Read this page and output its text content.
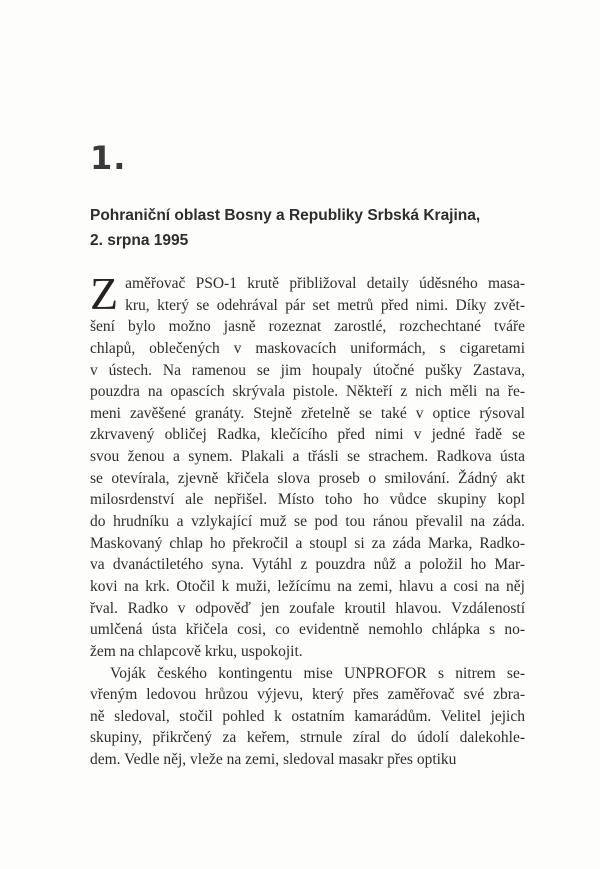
1.
Pohraniční oblast Bosny a Republiky Srbská Krajina,
2. srpna 1995
Z aměřovač PSO-1 krutě přibližoval detaily úděsného masa-
kru, který se odehrával pár set metrů před nimi. Díky zvět-
šení bylo možno jasně rozeznat zarostlé, rozchechtané tváře
chlapů, oblečených v maskovacích uniformách, s cigaretami
v ústech. Na ramenou se jim houpaly útočné pušky Zastava,
pouzdra na opascích skrývala pistole. Někteří z nich měli na ře-
meni zavěšené granáty. Stejně zřetelně se také v optice rýsoval
zkrvavený obličej Radka, klečícího před nimi v jedné řadě se
svou ženou a synem. Plakali a třásli se strachem. Radkova ústa
se otevírala, zjevně křičela slova proseb o smilování. Žádný akt
milosrdenství ale nepřišel. Místo toho ho vůdce skupiny kopl
do hrudníku a vzlykající muž se pod tou ránou převalil na záda.
Maskovaný chlap ho překročil a stoupl si za záda Marka, Radko-
va dvanáctiletého syna. Vytáhl z pouzdra nůž a položil ho Mar-
kovi na krk. Otočil k muži, ležícímu na zemi, hlavu a cosi na něj
řval. Radko v odpověď jen zoufale kroutil hlavou. Vzdáleností
umlčená ústa křičela cosi, co evidentně nemohlo chlápka s no-
žem na chlapcově krku, uspokojit.
Voják českého kontingentu mise UNPROFOR s nitrem se-
vřeným ledovou hrůzou výjevu, který přes zaměřovač své zbra-
ně sledoval, stočil pohled k ostatním kamarádům. Velitel jejich
skupiny, přikrčený za keřem, strnule zíral do údolí dalekohle-
dem. Vedle něj, vleže na zemi, sledoval masakr přes optiku
